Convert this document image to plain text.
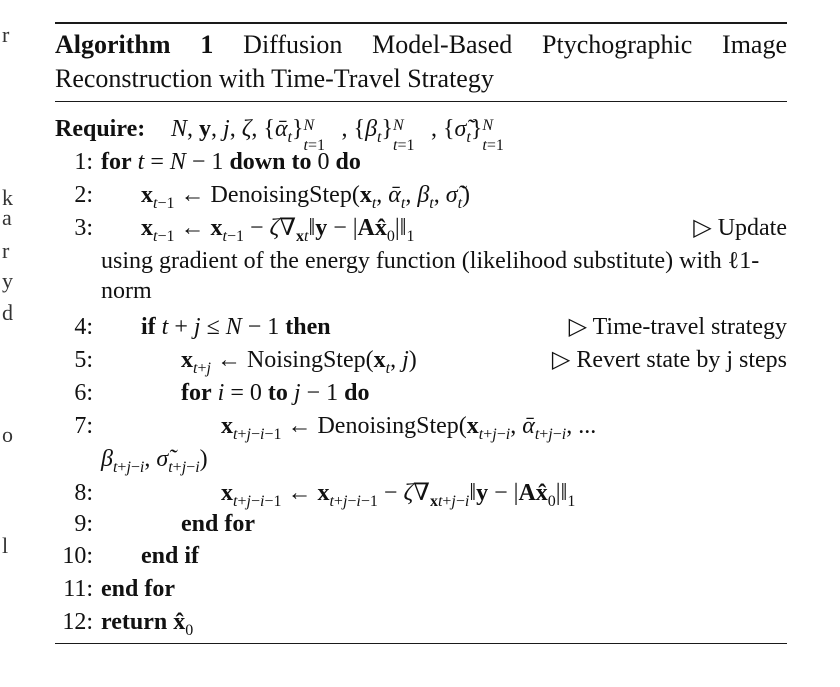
r
k
a
r
y
d
o
l
Algorithm 1 Diffusion Model-Based Ptychographic Image Reconstruction with Time-Travel Strategy
Require: N, y, j, ζ, {ᾱ$_t$} N
t=1
, $\{\beta_t\}$ N
t=1
, $\{\sigmã_t\}$ N
t=1
1: for t = N − 1 down to 0 do
2: $x_{t-1}$ ← $DenoisingStep(x_t$, ᾱ$_t$, $\beta_t$, $\sigmã_t$)
3: $x_{t-1}$ ← $x_{t-1}$ − $\zeta\nabla_{xt}‖y$ − $|Ax̂_0|‖_1$	▷ Update
using gradient of the energy function (likelihood substitute) with ℓ1-norm
4: if t + j ≤ N − 1 then	▷ Time-travel strategy
5:	$x_{t+j}$ ← $NoisingStep(x_t$, j)	▷ Revert state by j steps
6:	for i = 0 to j − 1 do
7:	$x_{t+j-i-1}$ ← $DenoisingStep(x_{t+j-i}$, ᾱ$_{t+j-i}$, ...
$\beta_{t+j-i}$, $\sigmã_{t+j-i}$)
8:	$x_{t+j-i-1}$ ← $x_{t+j-i-1}$ − $\zeta\nabla_{xt+j-i}‖y$ − $|Ax̂_0|‖_1$
9:	end for
10: end if
11: end for
12: return $x̂_0$
